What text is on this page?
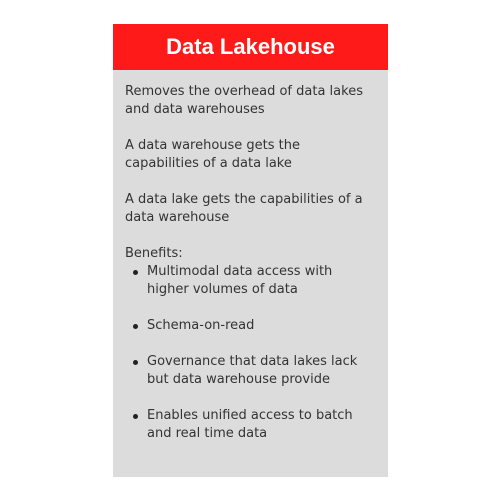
Data Lakehouse

Removes the overhead of data lakes and data warehouses

A data warehouse gets the capabilities of a data lake

A data lake gets the capabilities of a data warehouse

Benefits:

Multimodal data access with higher volumes of data
Schema-on-read
Governance that data lakes lack but data warehouse provide
Enables unified access to batch and real time data
